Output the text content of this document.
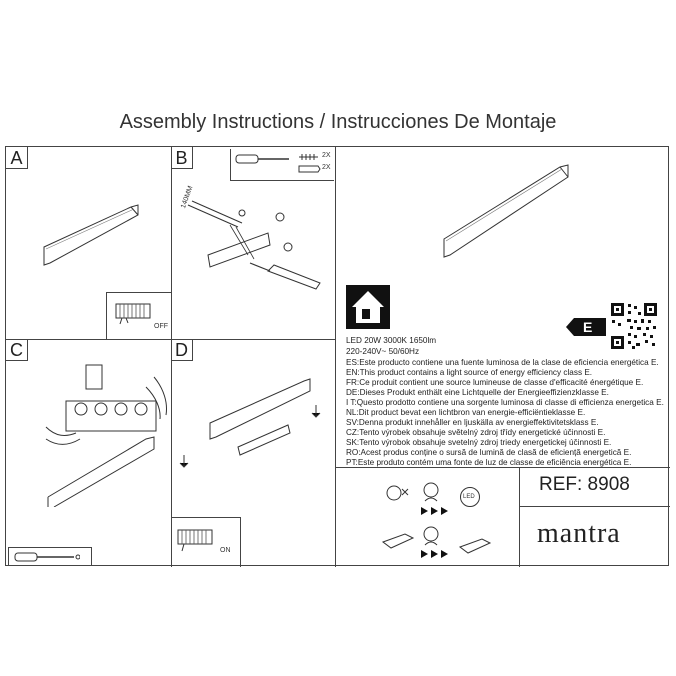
Assembly Instructions / Instrucciones De Montaje
A	B
C	D
OFF
2X
2X
140MM
ON
E
LED 20W 3000K 1650lm
220-240V~ 50/60Hz
ES:Este producto contiene una fuente luminosa de la clase de eficiencia energética E.
EN:This product contains a light source of energy efficiency class E.
FR:Ce produit contient une source lumineuse de classe d'efficacité énergétique E.
DE:Dieses Produkt enthält eine Lichtquelle der Energieeffizienzklasse E.
I T:Questo prodotto contiene una sorgente luminosa di classe di efficienza energetica E.
NL:Dit product bevat een lichtbron van energie-efficiëntieklasse E.
SV:Denna produkt innehåller en ljuskälla av energieffektivitetsklass E.
CZ:Tento výrobek obsahuje světelný zdroj třídy energetické účinnosti E.
SK:Tento výrobok obsahuje svetelný zdroj triedy energetickej účinnosti E.
RO:Acest produs conține o sursă de lumină de clasă de eficiență energetică E.
PT:Este produto contém uma fonte de luz de classe de eficiência energética E.
LED
REF: 8908
mantra
